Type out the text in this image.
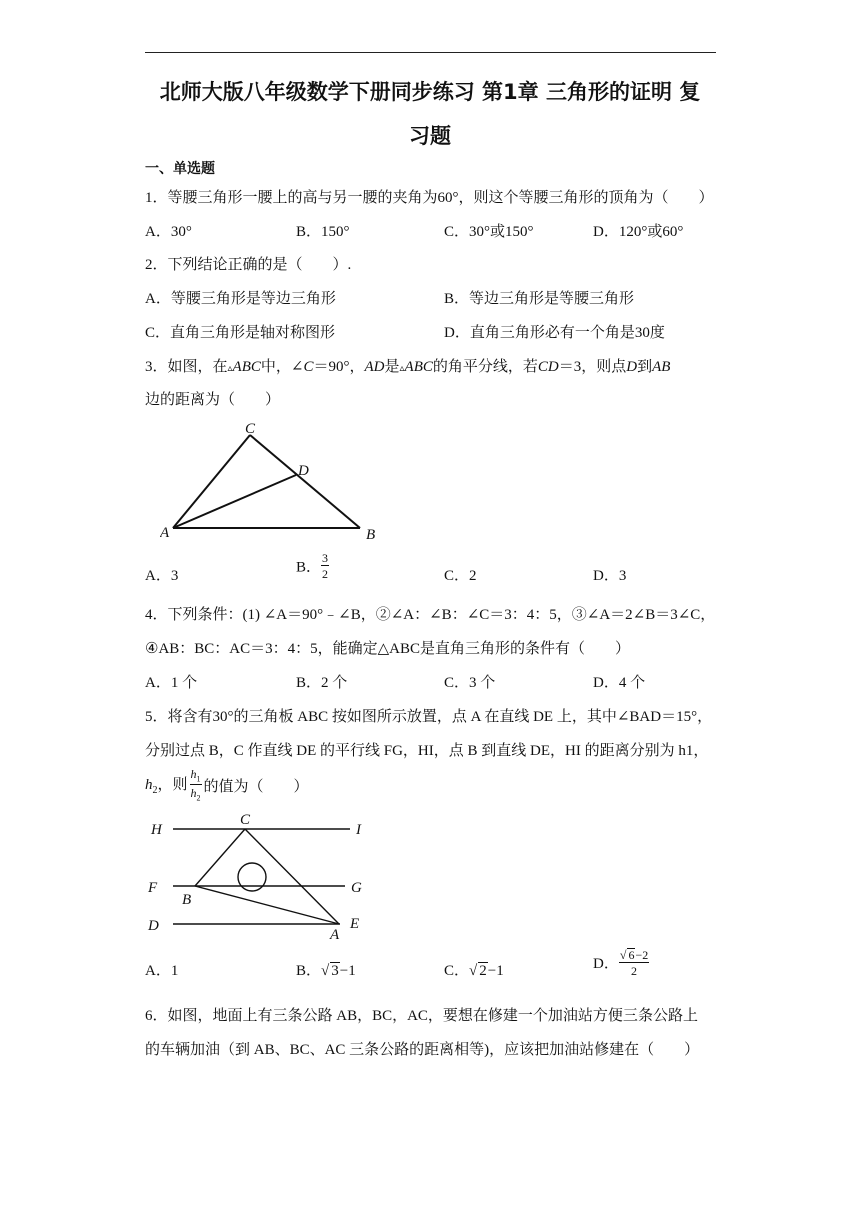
北师大版八年级数学下册同步练习 第1章 三角形的证明 复
习题
一、单选题
1．等腰三角形一腰上的高与另一腰的夹角为60°，则这个等腰三角形的顶角为（　　）
A．30°	B．150°	C．30°或150°	D．120°或60°
2．下列结论正确的是（　　）.
A．等腰三角形是等边三角形	B．等边三角形是等腰三角形
C．直角三角形是轴对称图形	D．直角三角形必有一个角是30度
3．如图，在▵ABC中，∠C＝90°，AD是▵ABC的角平分线，若CD＝3，则点D到AB
边的距离为（　　）
C
D
A	B
A．3
B． $\frac{3}{2}$	C．2	D．3
4．下列条件：(1) ∠A＝90°﹣∠B，②∠A：∠B：∠C＝3：4：5，③∠A＝2∠B＝3∠C，
④AB：BC：AC＝3：4：5，能确定△ABC是直角三角形的条件有（　　）
A．1 个	B．2 个	C．3 个	D．4 个
5．将含有30°的三角板 ABC 按如图所示放置，点 A 在直线 DE 上，其中∠BAD＝15°，
分别过点 B，C 作直线 DE 的平行线 FG，HI，点 B 到直线 DE，HI 的距离分别为 h1，
$h_2$，则 $\frac{h_1}{h_2}$ 的值为（　　）
H	I
C
F	G
B
D	E
A
A．1	B．√ 3−1	C．√ 2−1	D． $\frac{√ 6-2}{2}$
6．如图，地面上有三条公路 AB，BC，AC，要想在修建一个加油站方便三条公路上
的车辆加油（到 AB、BC、AC 三条公路的距离相等)，应该把加油站修建在（　　）
